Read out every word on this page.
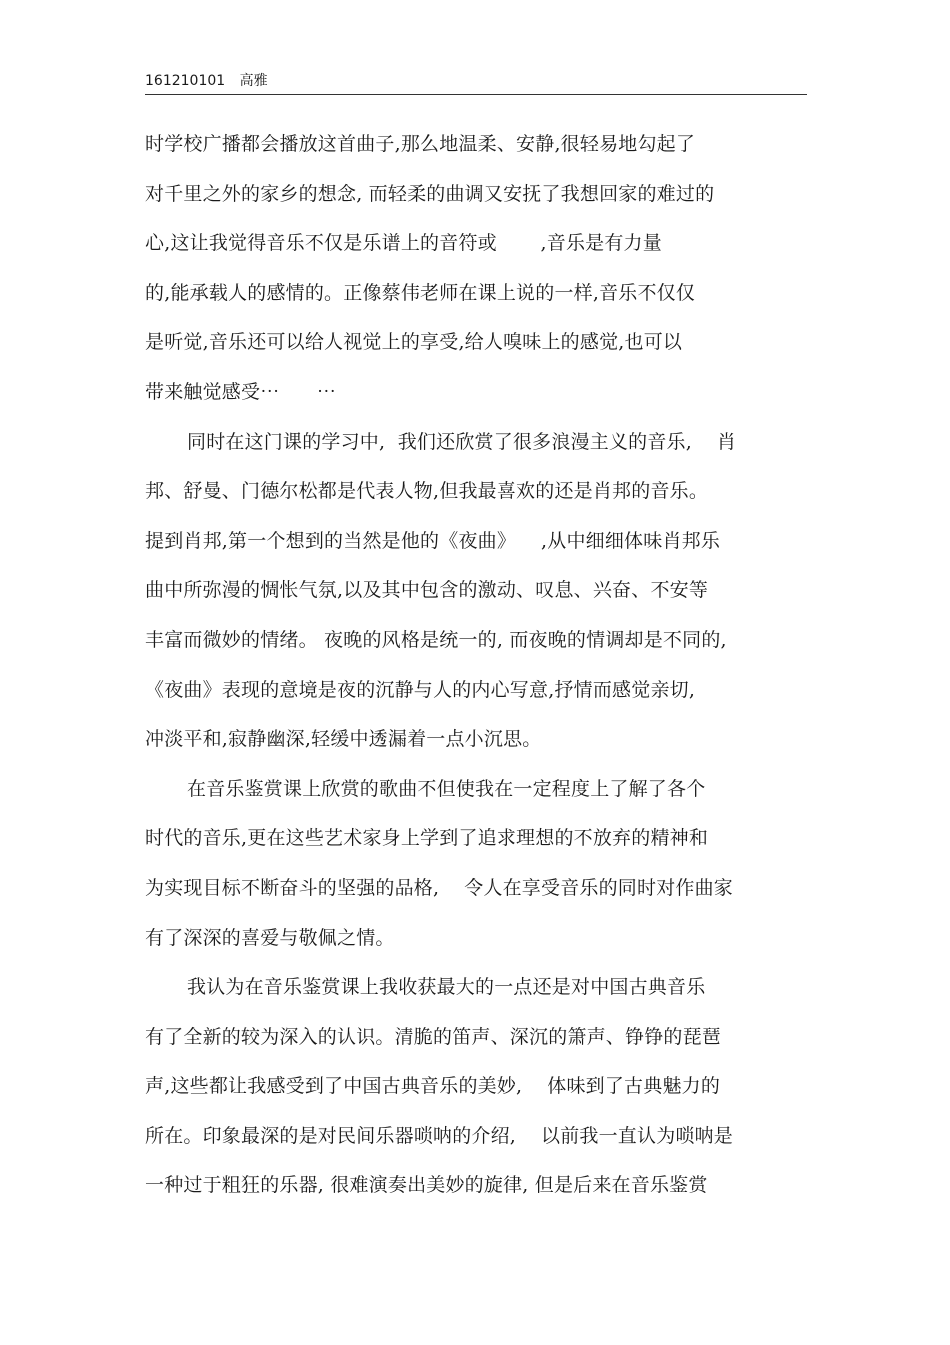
161210101 高雅
时学校广播都会播放这首曲子,那么地温柔、安静,很轻易地勾起了
对千里之外的家乡的想念, 而轻柔的曲调又安抚了我想回家的难过的
心,这让我觉得音乐不仅是乐谱上的音符或       ,音乐是有力量
的,能承载人的感情的。正像蔡伟老师在课上说的一样,音乐不仅仅
是听觉,音乐还可以给人视觉上的享受,给人嗅味上的感觉,也可以
带来触觉感受⋯      ⋯
同时在这门课的学习中,  我们还欣赏了很多浪漫主义的音乐,    肖
邦、舒曼、门德尔松都是代表人物,但我最喜欢的还是肖邦的音乐。
提到肖邦,第一个想到的当然是他的《夜曲》    ,从中细细体味肖邦乐
曲中所弥漫的惆怅气氛,以及其中包含的激动、叹息、兴奋、不安等
丰富而微妙的情绪。 夜晚的风格是统一的, 而夜晚的情调却是不同的,
《夜曲》表现的意境是夜的沉静与人的内心写意,抒情而感觉亲切,
冲淡平和,寂静幽深,轻缓中透漏着一点小沉思。
在音乐鉴赏课上欣赏的歌曲不但使我在一定程度上了解了各个
时代的音乐,更在这些艺术家身上学到了追求理想的不放弃的精神和
为实现目标不断奋斗的坚强的品格,    令人在享受音乐的同时对作曲家
有了深深的喜爱与敬佩之情。
我认为在音乐鉴赏课上我收获最大的一点还是对中国古典音乐
有了全新的较为深入的认识。清脆的笛声、深沉的箫声、铮铮的琵琶
声,这些都让我感受到了中国古典音乐的美妙,    体味到了古典魅力的
所在。印象最深的是对民间乐器唢呐的介绍,    以前我一直认为唢呐是
一种过于粗狂的乐器, 很难演奏出美妙的旋律, 但是后来在音乐鉴赏
